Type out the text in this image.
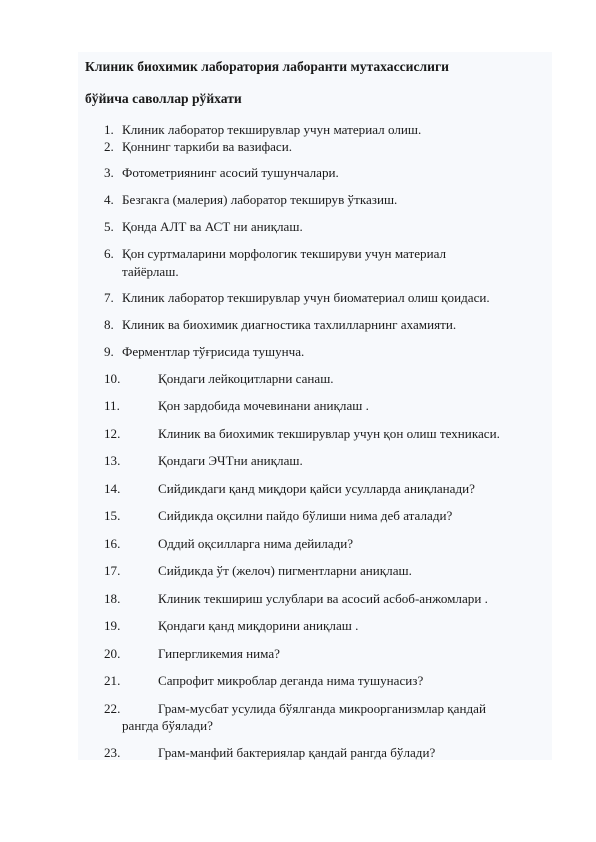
Клиник биохимик лаборатория лаборанти мутахассислиги
бўйича саволлар рўйхати
1. Клиник лаборатор текширувлар учун материал олиш.
2. Қоннинг таркиби ва вазифаси.
3. Фотометриянинг асосий тушунчалари.
4. Безгакга (малерия) лаборатор текширув ўтказиш.
5. Қонда АЛТ ва АСТ ни аниқлаш.
6. Қон суртмаларини морфологик текшируви учун материал
тайёрлаш.
7. Клиник лаборатор текширувлар учун биоматериал олиш қоидаси.
8. Клиник ва биохимик диагностика тахлилларнинг ахамияти.
9. Ферментлар тўғрисида тушунча.
10.	Қондаги лейкоцитларни санаш.
11.	Қон зардобида мочевинани аниқлаш .
12.	Клиник ва биохимик текширувлар учун қон олиш техникаси.
13.	Қондаги ЭЧТни аниқлаш.
14.	Сийдикдаги қанд миқдори қайси усулларда аниқланади?
15.	Сийдикда оқсилни пайдо бўлиши нима деб аталади?
16.	Оддий оқсилларга нима дейилади?
17.	Сийдикда ўт (желоч) пигментларни аниқлаш.
18.	Клиник текшириш услублари ва асосий асбоб-анжомлари .
19.	Қондаги қанд миқдорини аниқлаш .
20.	Гипергликемия нима?
21.	Сапрофит микроблар деганда нима тушунасиз?
22.	Грам-мусбат усулида бўялганда микроорганизмлар қандай
рангда бўялади?
23.	Грам-манфий бактериялар қандай рангда бўлади?
